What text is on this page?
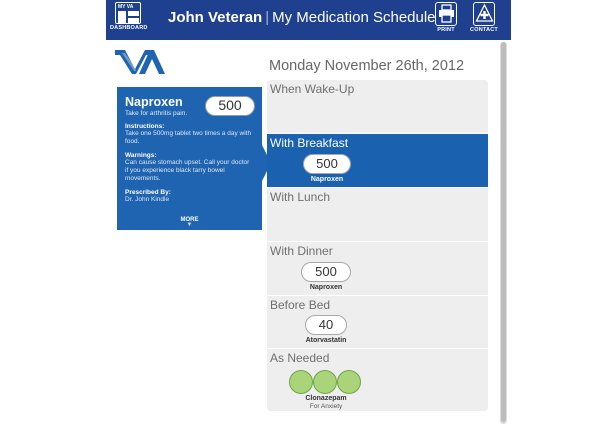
MY VA
DASHBOARD
John Veteran | My Medication Schedule
PRINT	CONTACT
Monday November 26th, 2012
Naproxen
Take for arthritis pain.
500
Instructions:

Take one 500mg tablet two times a day with food.

Warnings:

Can cause stomach upset. Call your doctor if you experience black tarry bowel movements.

Prescribed By:

Dr. John Kindle

MORE
▼
When Wake-Up
With Breakfast
500
Naproxen
With Lunch
With Dinner
500
Naproxen
Before Bed
40
Atorvastatin
As Needed
Clonazepam
For Anxiety
